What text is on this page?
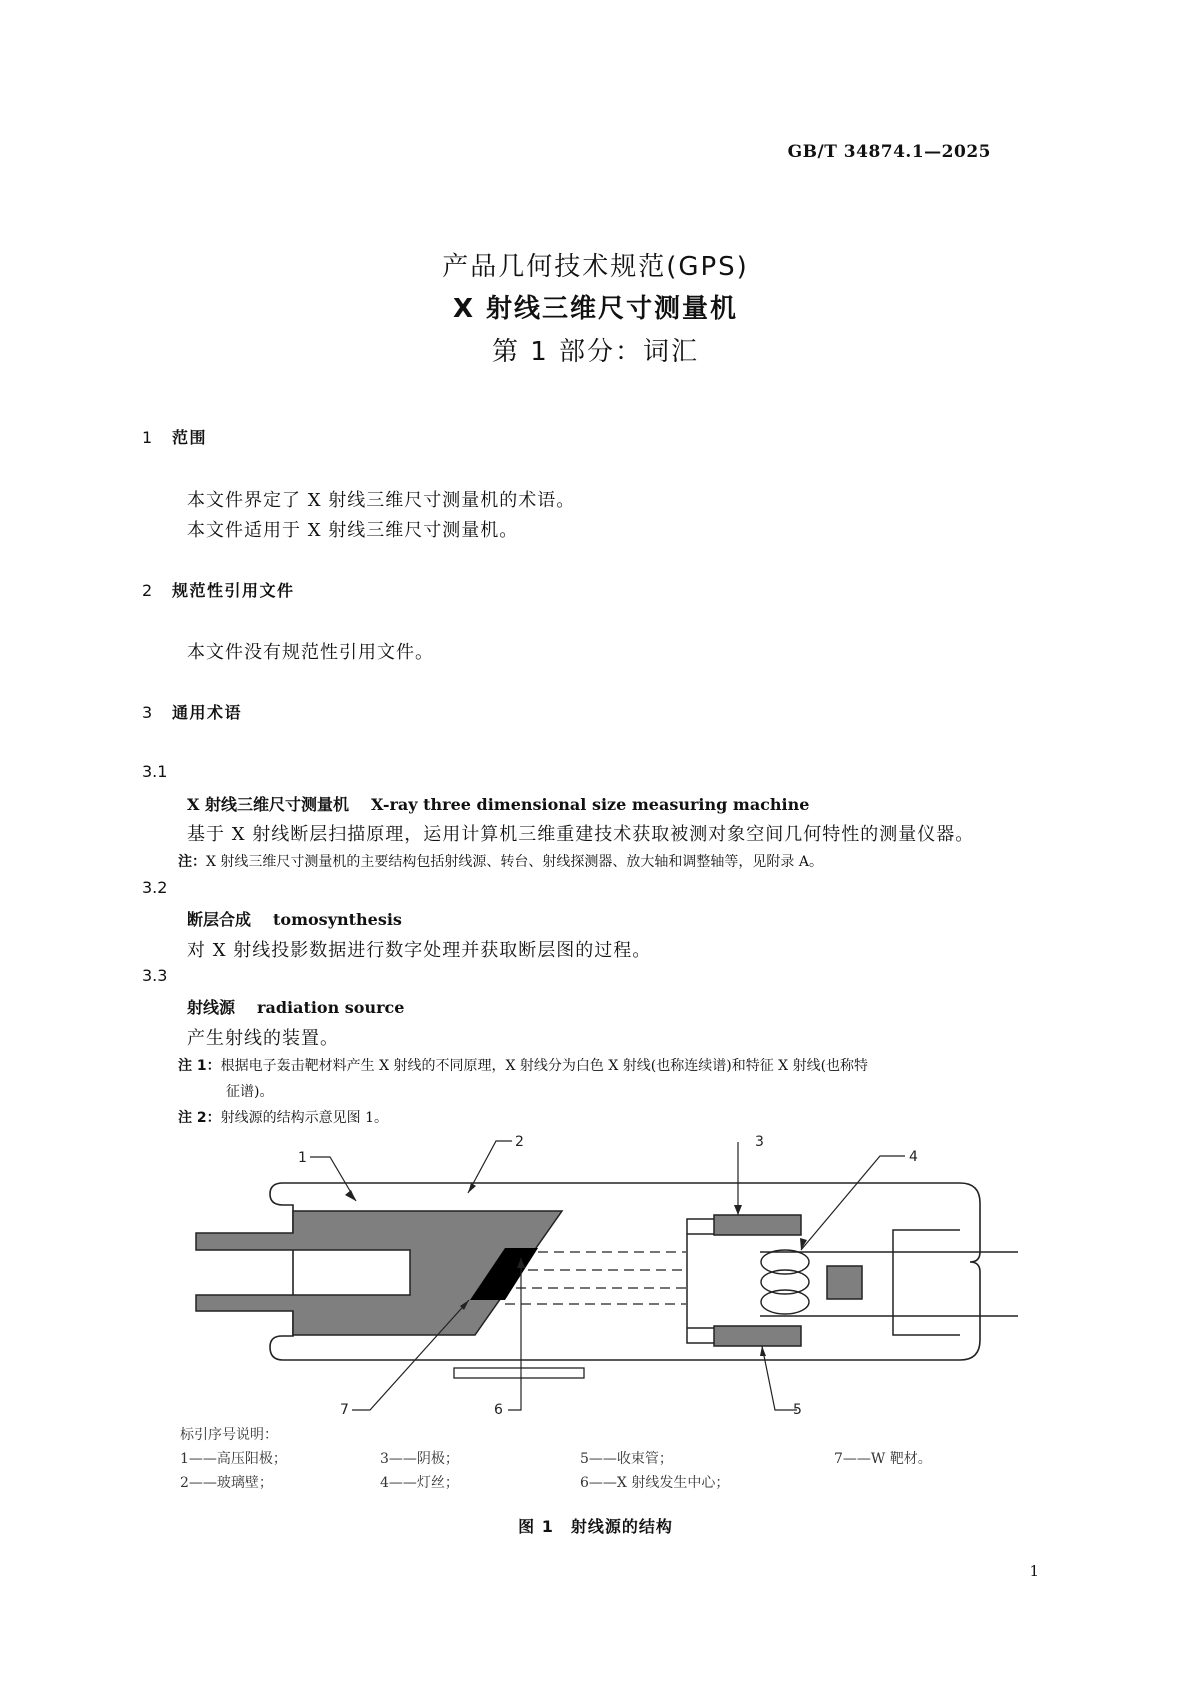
GB/T 34874.1—2025
产品几何技术规范(GPS)
X 射线三维尺寸测量机
第 1 部分：词汇
1 范围
本文件界定了 X 射线三维尺寸测量机的术语。
本文件适用于 X 射线三维尺寸测量机。
2 规范性引用文件
本文件没有规范性引用文件。
3 通用术语
3.1
X 射线三维尺寸测量机 X-ray three dimensional size measuring machine
基于 X 射线断层扫描原理，运用计算机三维重建技术获取被测对象空间几何特性的测量仪器。
注：X 射线三维尺寸测量机的主要结构包括射线源、转台、射线探测器、放大轴和调整轴等，见附录 A。
3.2
断层合成 tomosynthesis
对 X 射线投影数据进行数字处理并获取断层图的过程。
3.3
射线源 radiation source
产生射线的装置。
注 1：根据电子轰击靶材料产生 X 射线的不同原理，X 射线分为白色 X 射线(也称连续谱)和特征 X 射线(也称特
征谱)。
注 2：射线源的结构示意见图 1。
1
2	3
4
5
6
7
标引序号说明：
1——高压阳极；
2——玻璃壁；
3——阴极；
4——灯丝；
5——收束管；
6——X 射线发生中心；
7——W 靶材。
图 1　射线源的结构
1
